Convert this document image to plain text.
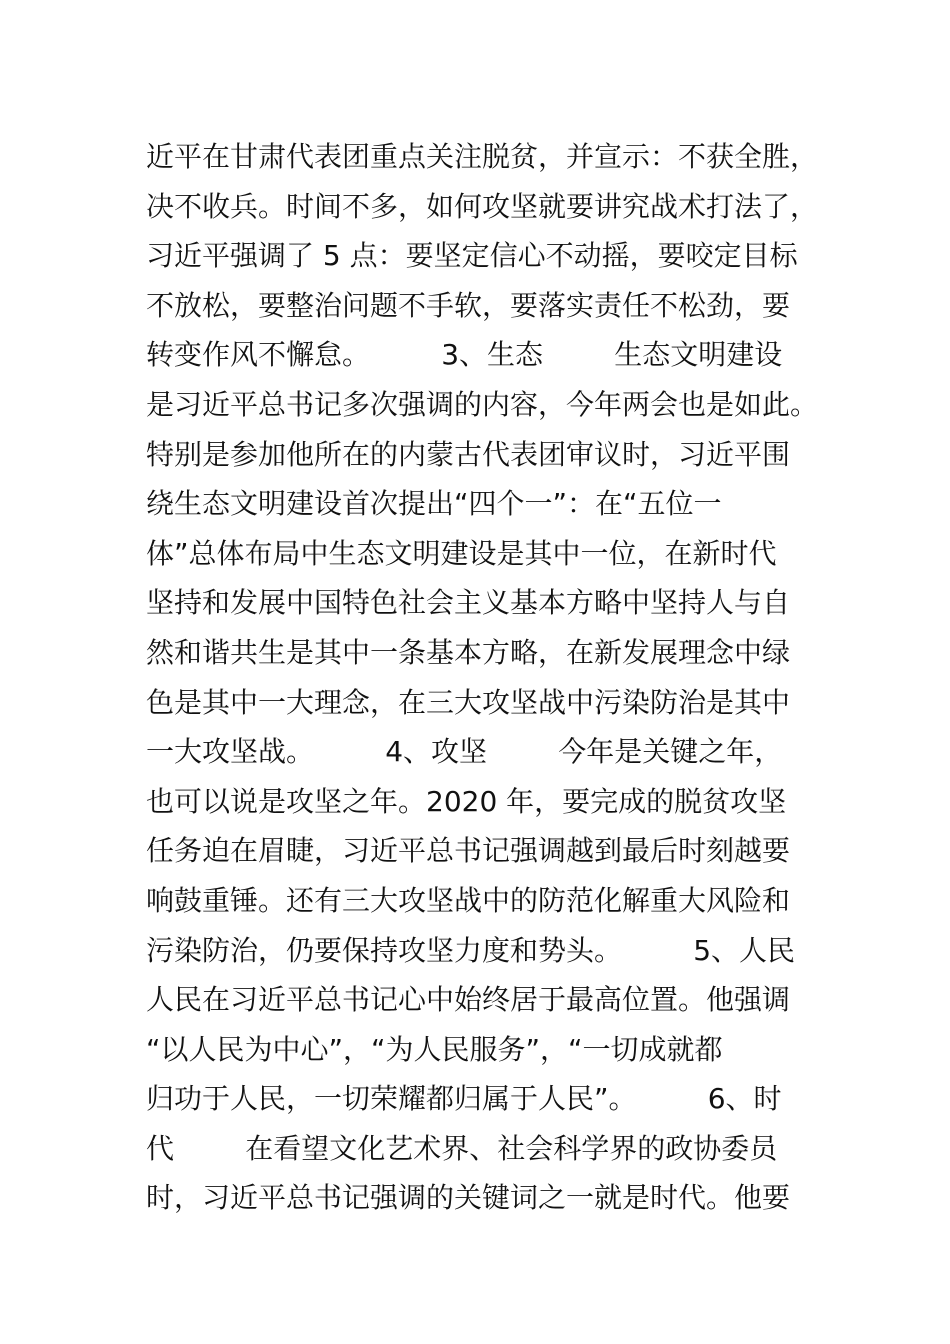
近平在甘肃代表团重点关注脱贫，并宣示：不获全胜，
决不收兵。时间不多，如何攻坚就要讲究战术打法了，
习近平强调了 5 点：要坚定信心不动摇，要咬定目标
不放松，要整治问题不手软，要落实责任不松劲，要
转变作风不懈怠。        3、生态        生态文明建设
是习近平总书记多次强调的内容，今年两会也是如此。
特别是参加他所在的内蒙古代表团审议时，习近平围
绕生态文明建设首次提出“四个一”：在“五位一
体”总体布局中生态文明建设是其中一位，在新时代
坚持和发展中国特色社会主义基本方略中坚持人与自
然和谐共生是其中一条基本方略，在新发展理念中绿
色是其中一大理念，在三大攻坚战中污染防治是其中
一大攻坚战。        4、攻坚        今年是关键之年，
也可以说是攻坚之年。2020 年，要完成的脱贫攻坚
任务迫在眉睫，习近平总书记强调越到最后时刻越要
响鼓重锤。还有三大攻坚战中的防范化解重大风险和
污染防治，仍要保持攻坚力度和势头。        5、人民
人民在习近平总书记心中始终居于最高位置。他强调
“以人民为中心”，“为人民服务”，“一切成就都
归功于人民，一切荣耀都归属于人民”。        6、时
代        在看望文化艺术界、社会科学界的政协委员
时，习近平总书记强调的关键词之一就是时代。他要
